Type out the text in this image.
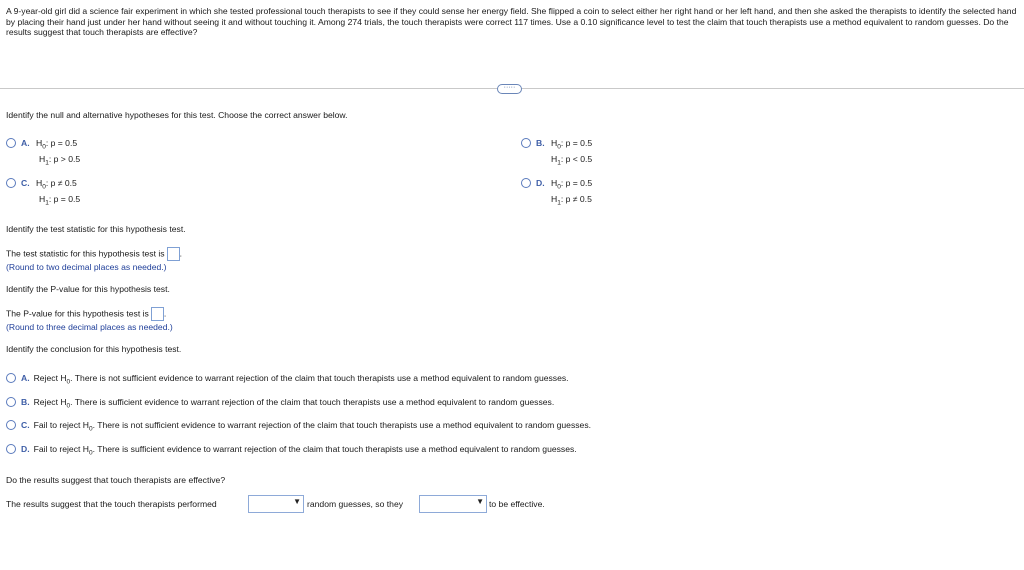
A 9-year-old girl did a science fair experiment in which she tested professional touch therapists to see if they could sense her energy field. She flipped a coin to select either her right hand or her left hand, and then she asked the therapists to identify the selected hand by placing their hand just under her hand without seeing it and without touching it. Among 274 trials, the touch therapists were correct 117 times. Use a 0.10 significance level to test the claim that touch therapists use a method equivalent to random guesses. Do the results suggest that touch therapists are effective?
·····
Identify the null and alternative hypotheses for this test. Choose the correct answer below.
A. $H_0$: p = 0.5
$H_1$: p > 0.5
B. $H_0$: p = 0.5
$H_1$: p < 0.5
C. $H_0$: p ≠ 0.5
$H_1$: p = 0.5
D. $H_0$: p = 0.5
$H_1$: p ≠ 0.5
Identify the test statistic for this hypothesis test.
The test statistic for this hypothesis test is .
(Round to two decimal places as needed.)
Identify the P-value for this hypothesis test.
The P-value for this hypothesis test is .
(Round to three decimal places as needed.)
Identify the conclusion for this hypothesis test.
A. Reject $H_0$. There is not sufficient evidence to warrant rejection of the claim that touch therapists use a method equivalent to random guesses.
B. Reject $H_0$. There is sufficient evidence to warrant rejection of the claim that touch therapists use a method equivalent to random guesses.
C. Fail to reject $H_0$. There is not sufficient evidence to warrant rejection of the claim that touch therapists use a method equivalent to random guesses.
D. Fail to reject $H_0$. There is sufficient evidence to warrant rejection of the claim that touch therapists use a method equivalent to random guesses.
Do the results suggest that touch therapists are effective?
The results suggest that the touch therapists performed	▼ random guesses, so they	▼ to be effective.
